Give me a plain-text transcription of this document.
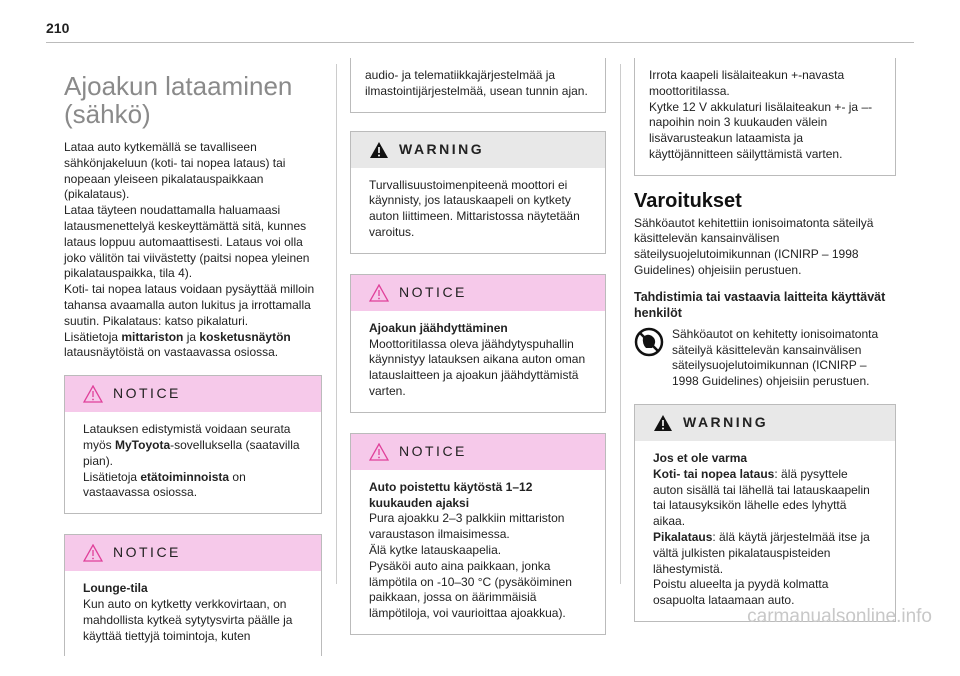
210
Ajoakun lataaminen (sähkö)

Lataa auto kytkemällä se tavalliseen sähkönjakeluun (koti- tai nopea lataus) tai nopeaan yleiseen pikalatauspaikkaan (pikalataus).

Lataa täyteen noudattamalla haluamaasi latausmenettelyä keskeyttämättä sitä, kunnes lataus loppuu automaattisesti. Lataus voi olla joko välitön tai viivästetty (paitsi nopea yleinen pikalatauspaikka, tila 4).

Koti- tai nopea lataus voidaan pysäyttää milloin tahansa avaamalla auton lukitus ja irrottamalla suutin. Pikalataus: katso pikalaturi.

Lisätietoja mittariston ja kosketusnäytön latausnäytöistä on vastaavassa osiossa.

NOTICE

Latauksen edistymistä voidaan seurata myös MyToyota-sovelluksella (saatavilla pian).

Lisätietoja etätoiminnoista on vastaavassa osiossa.

NOTICE

Lounge-tila

Kun auto on kytketty verkkovirtaan, on mahdollista kytkeä sytytysvirta päälle ja käyttää tiettyjä toimintoja, kuten

audio- ja telematiikkajärjestelmää ja ilmastointijärjestelmää, usean tunnin ajan.

WARNING

Turvallisuustoimenpiteenä moottori ei käynnisty, jos latauskaapeli on kytkety auton liittimeen. Mittaristossa näytetään varoitus.

NOTICE

Ajoakun jäähdyttäminen

Moottoritilassa oleva jäähdytyspuhallin käynnistyy latauksen aikana auton oman latauslaitteen ja ajoakun jäähdyttämistä varten.

NOTICE

Auto poistettu käytöstä 1–12 kuukauden ajaksi

Pura ajoakku 2–3 palkkiin mittariston varaustason ilmaisimessa.

Älä kytke latauskaapelia.

Pysäköi auto aina paikkaan, jonka lämpötila on -10–30 °C (pysäköiminen paikkaan, jossa on äärimmäisiä lämpötiloja, voi vaurioittaa ajoakkua).

Irrota kaapeli lisälaiteakun +-navasta moottoritilassa.

Kytke 12 V akkulaturi lisälaiteakun +- ja –-napoihin noin 3 kuukauden välein lisävarusteakun lataamista ja käyttöjännitteen säilyttämistä varten.

Varoitukset

Sähköautot kehitettiin ionisoimatonta säteilyä käsittelevän kansainvälisen säteilysuojelutoimikunnan (ICNIRP – 1998 Guidelines) ohjeisiin perustuen.

Tahdistimia tai vastaavia laitteita käyttävät henkilöt

Sähköautot on kehitetty ionisoimatonta säteilyä käsittelevän kansainvälisen säteilysuojelutoimikunnan (ICNIRP – 1998 Guidelines) ohjeisiin perustuen.

WARNING

Jos et ole varma

Koti- tai nopea lataus: älä pysyttele auton sisällä tai lähellä tai latauskaapelin tai latausyksikön lähelle edes lyhyttä aikaa.

Pikalataus: älä käytä järjestelmää itse ja vältä julkisten pikalatauspisteiden lähestymistä.

Poistu alueelta ja pyydä kolmatta osapuolta lataamaan auto.

carmanualsonline.info
